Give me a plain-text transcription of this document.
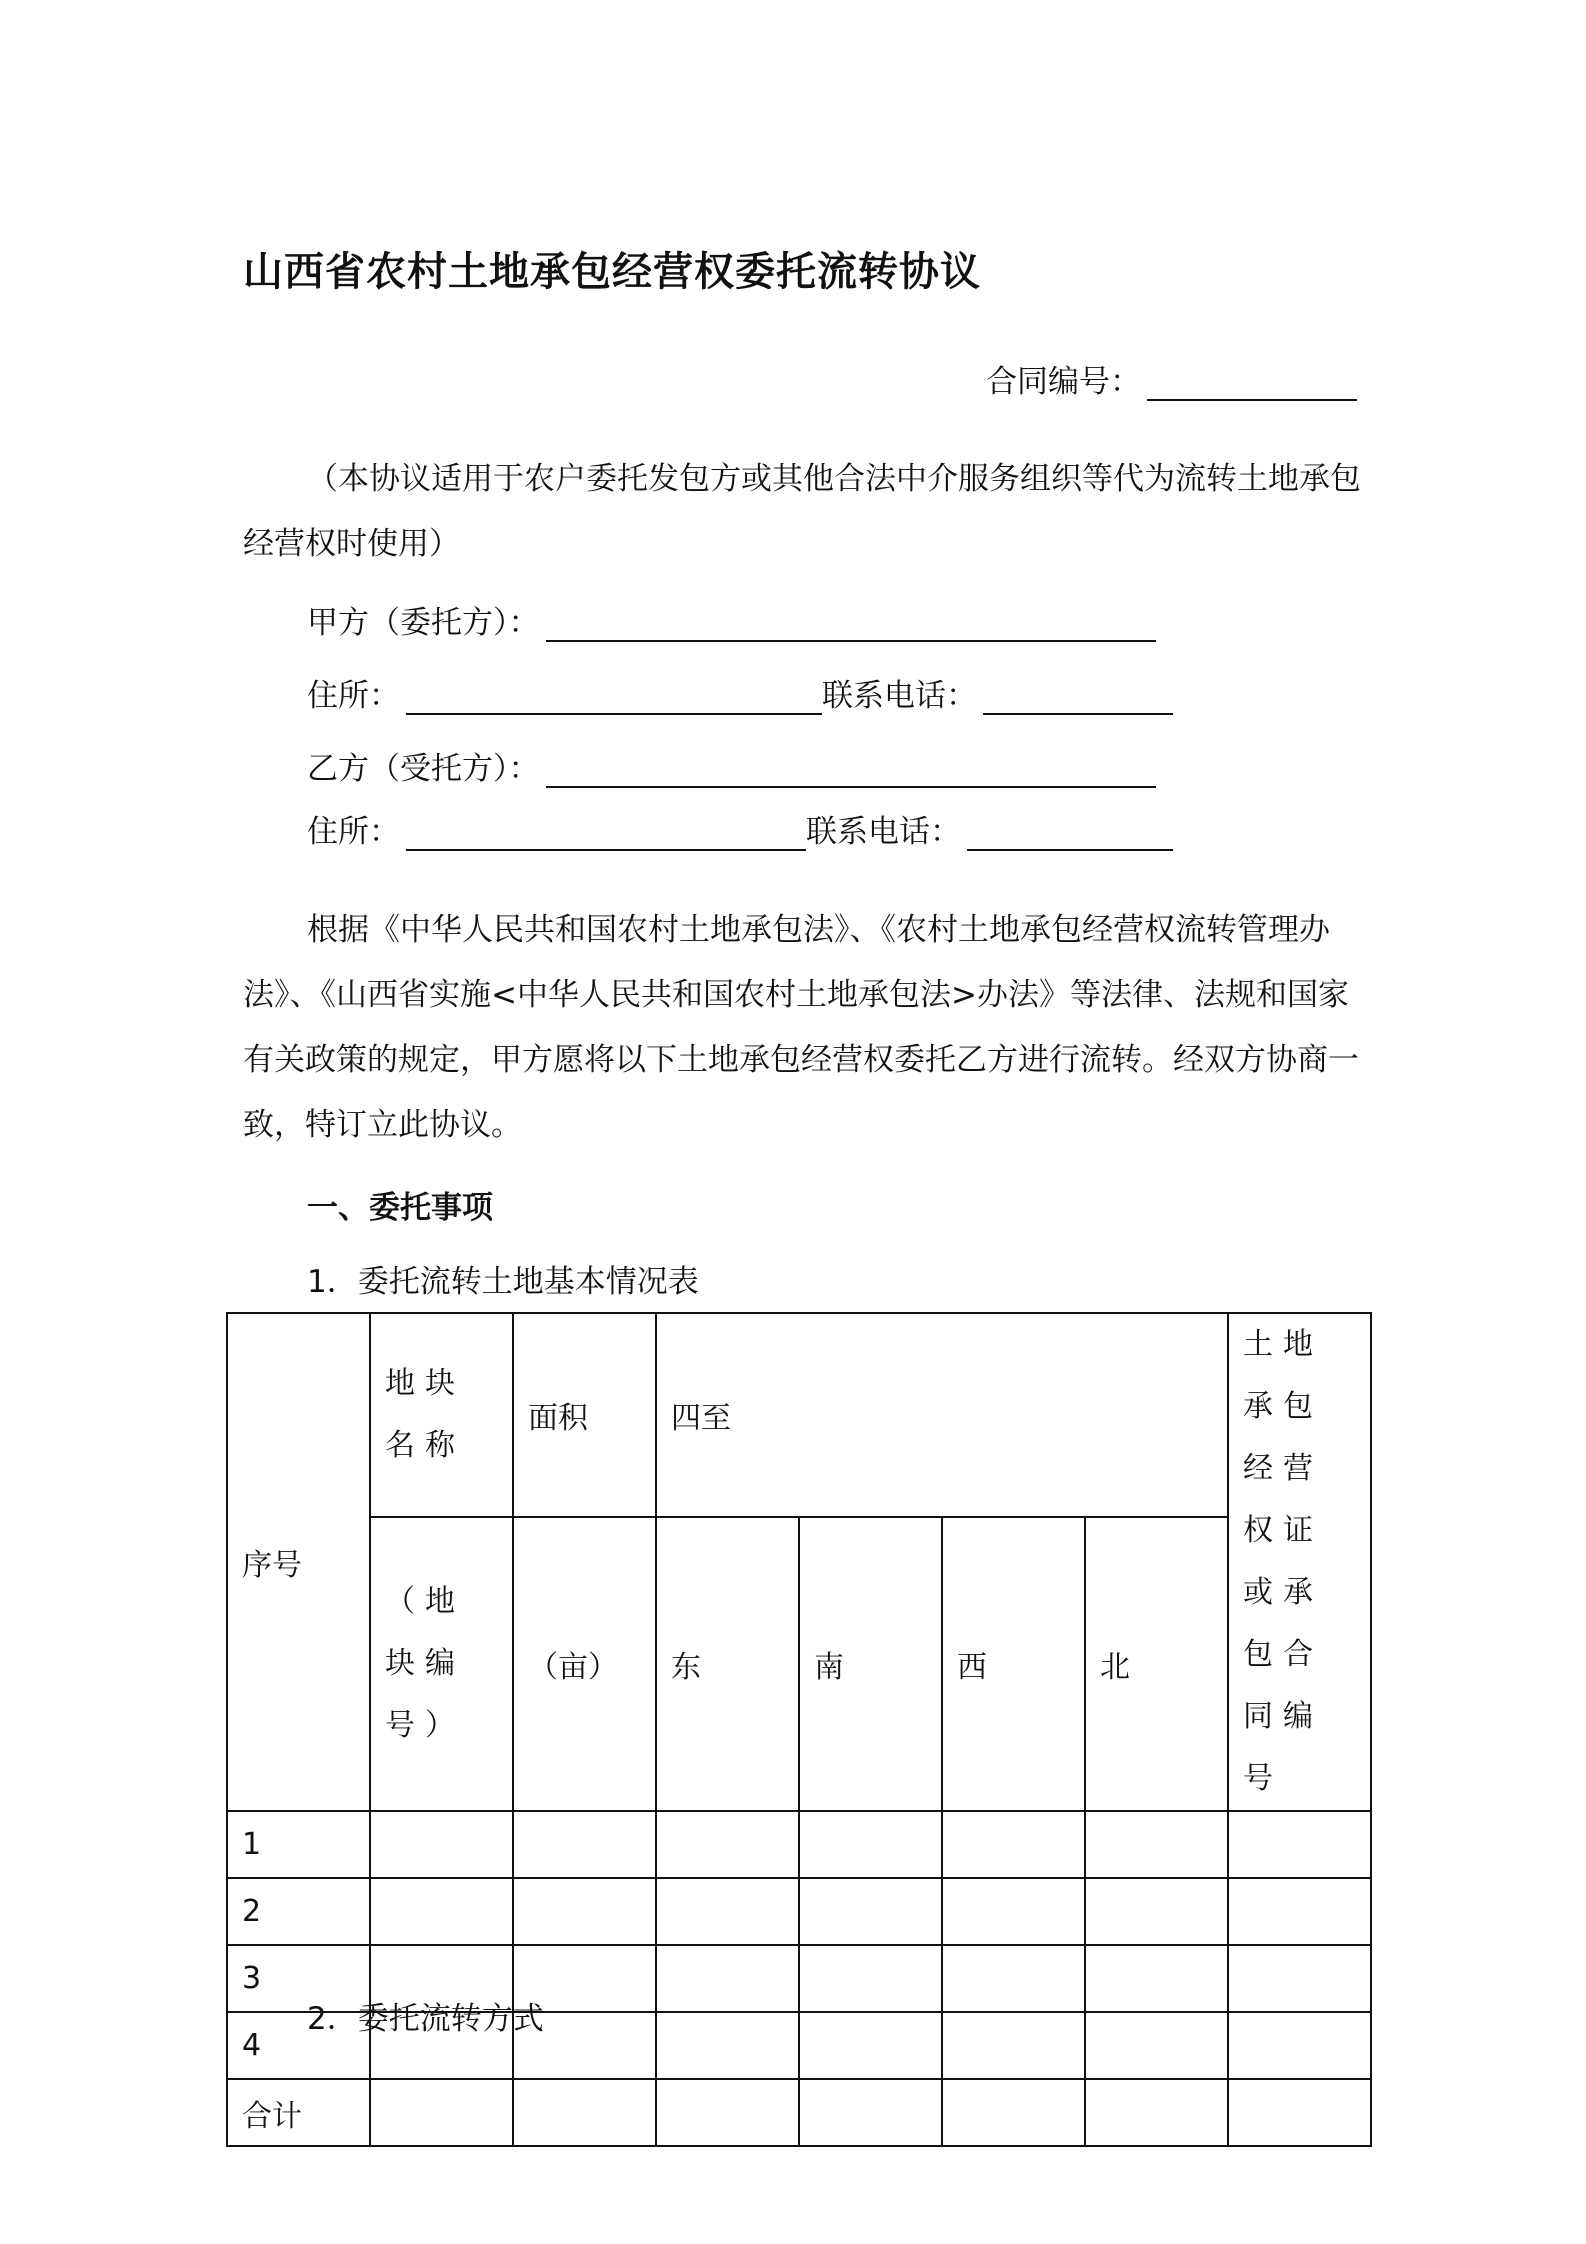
山西省农村土地承包经营权委托流转协议
合同编号：
（本协议适用于农户委托发包方或其他合法中介服务组织等代为流转土地承包经营权时使用）
甲方（委托方）：
住所：	联系电话：
乙方（受托方）：
住所：	联系电话：
根据《中华人民共和国农村土地承包法》、《农村土地承包经营权流转管理办法》、《山西省实施<中华人民共和国农村土地承包法>办法》等法律、法规和国家有关政策的规定，甲方愿将以下土地承包经营权委托乙方进行流转。经双方协商一致，特订立此协议。
一、委托事项
1．委托流转土地基本情况表
序号	地块名称	面积	四至				土地承包经营权证或承包合同编号
	（地块编号）	（亩）	东	南	西	北	
1							
2							
3							
4							
合计							
2．委托流转方式
